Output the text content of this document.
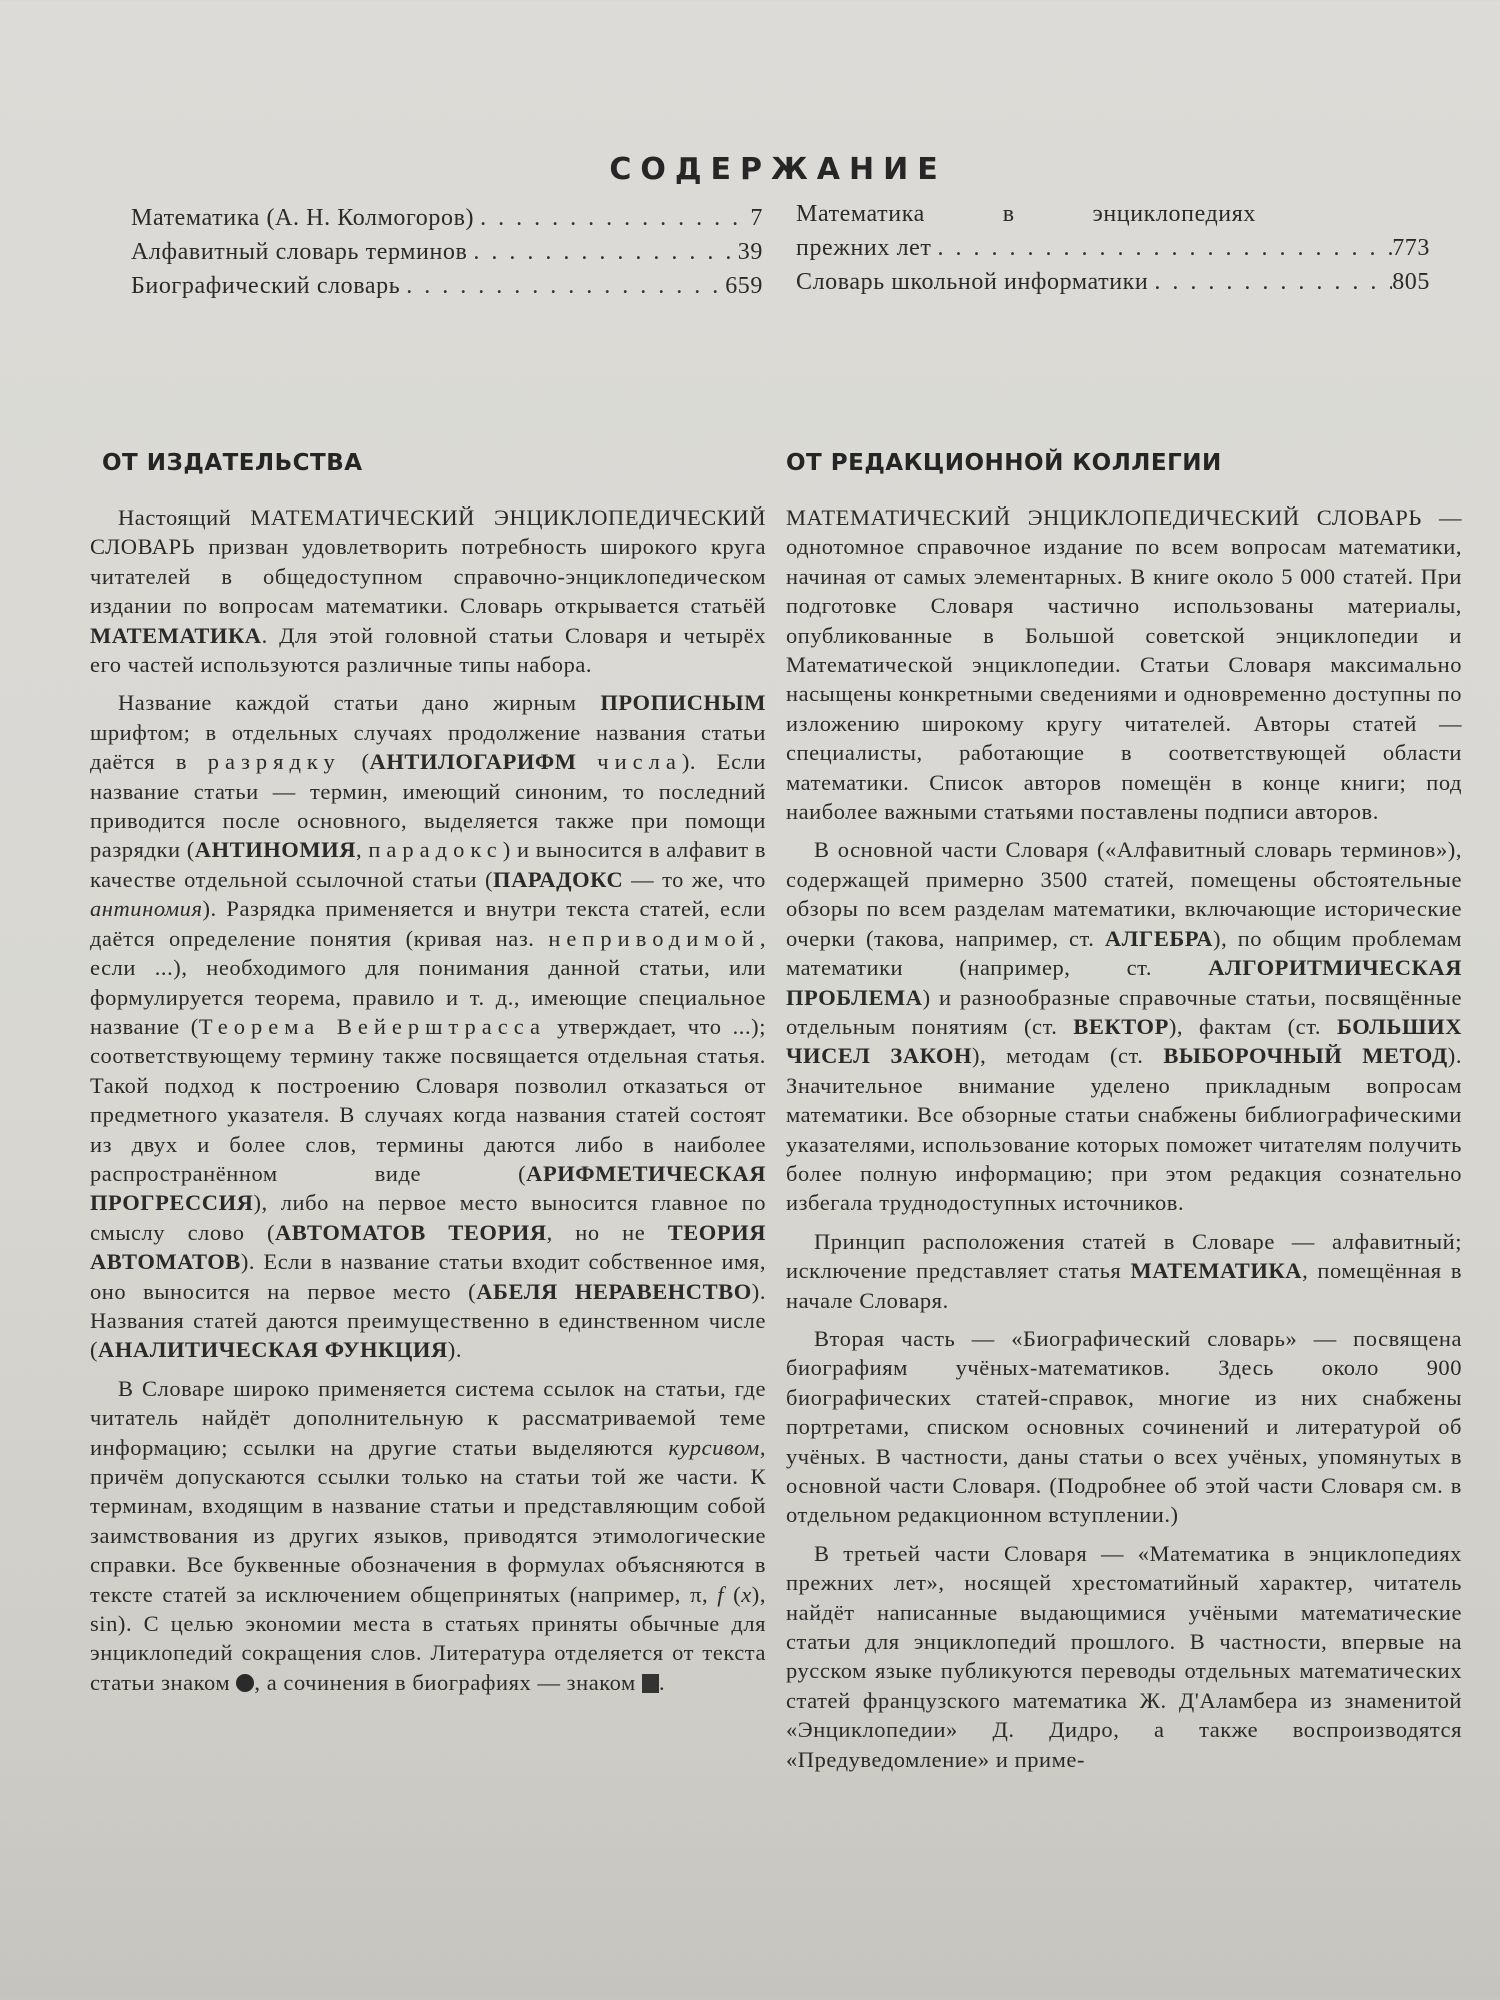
СОДЕРЖАНИЕ
Математика (А. Н. Колмогоров) . . .	7
Алфавитный словарь терминов . . .	39
Биографический словарь . . .	659
Математика	в	энциклопедиях
прежних лет . . .	773
Словарь школьной информатики . . .	805
ОТ ИЗДАТЕЛЬСТВА	ОТ РЕДАКЦИОННОЙ КОЛЛЕГИИ

Настоящий МАТЕМАТИЧЕСКИЙ ЭНЦИКЛОПЕДИЧЕСКИЙ СЛОВАРЬ призван удовлетворить потребность широкого круга читателей в общедоступном справочно-энциклопедическом издании по вопросам математики. Словарь открывается статьёй МАТЕМАТИКА. Для этой головной статьи Словаря и четырёх его частей используются различные типы набора.

Название каждой статьи дано жирным ПРОПИСНЫМ шрифтом; в отдельных случаях продолжение названия статьи даётся в разрядку (АНТИЛОГАРИФМ числа). Если название статьи — термин, имеющий синоним, то последний приводится после основного, выделяется также при помощи разрядки (АНТИНОМИЯ, парадокс) и выносится в алфавит в качестве отдельной ссылочной статьи (ПАРАДОКС — то же, что антиномия). Разрядка применяется и внутри текста статей, если даётся определение понятия (кривая наз. неприводимой, если ...), необходимого для понимания данной статьи, или формулируется теорема, правило и т. д., имеющие специальное название (Теорема Вейерштрасса утверждает, что ...); соответствующему термину также посвящается отдельная статья. Такой подход к построению Словаря позволил отказаться от предметного указателя. В случаях когда названия статей состоят из двух и более слов, термины даются либо в наиболее распространённом виде (АРИФМЕТИЧЕСКАЯ ПРОГРЕССИЯ), либо на первое место выносится главное по смыслу слово (АВТОМАТОВ ТЕОРИЯ, но не ТЕОРИЯ АВТОМАТОВ). Если в название статьи входит собственное имя, оно выносится на первое место (АБЕЛЯ НЕРАВЕНСТВО). Названия статей даются преимущественно в единственном числе (АНАЛИТИЧЕСКАЯ ФУНКЦИЯ).

В Словаре широко применяется система ссылок на статьи, где читатель найдёт дополнительную к рассматриваемой теме информацию; ссылки на другие статьи выделяются курсивом, причём допускаются ссылки только на статьи той же части. К терминам, входящим в название статьи и представляющим собой заимствования из других языков, приводятся этимологические справки. Все буквенные обозначения в формулах объясняются в тексте статей за исключением общепринятых (например, π, f (x), sin). С целью экономии места в статьях приняты обычные для энциклопедий сокращения слов. Литература отделяется от текста статьи знаком , а сочинения в биографиях — знаком .

МАТЕМАТИЧЕСКИЙ ЭНЦИКЛОПЕДИЧЕСКИЙ СЛОВАРЬ — однотомное справочное издание по всем вопросам математики, начиная от самых элементарных. В книге около 5 000 статей. При подготовке Словаря частично использованы материалы, опубликованные в Большой советской энциклопедии и Математической энциклопедии. Статьи Словаря максимально насыщены конкретными сведениями и одновременно доступны по изложению широкому кругу читателей. Авторы статей — специалисты, работающие в соответствующей области математики. Список авторов помещён в конце книги; под наиболее важными статьями поставлены подписи авторов.

В основной части Словаря («Алфавитный словарь терминов»), содержащей примерно 3500 статей, помещены обстоятельные обзоры по всем разделам математики, включающие исторические очерки (такова, например, ст. АЛГЕБРА), по общим проблемам математики (например, ст. АЛГОРИТМИЧЕСКАЯ ПРОБЛЕМА) и разнообразные справочные статьи, посвящённые отдельным понятиям (ст. ВЕКТОР), фактам (ст. БОЛЬШИХ ЧИСЕЛ ЗАКОН), методам (ст. ВЫБОРОЧНЫЙ МЕТОД). Значительное внимание уделено прикладным вопросам математики. Все обзорные статьи снабжены библиографическими указателями, использование которых поможет читателям получить более полную информацию; при этом редакция сознательно избегала труднодоступных источников.

Принцип расположения статей в Словаре — алфавитный; исключение представляет статья МАТЕМАТИКА, помещённая в начале Словаря.

Вторая часть — «Биографический словарь» — посвящена биографиям учёных-математиков. Здесь около 900 биографических статей-справок, многие из них снабжены портретами, списком основных сочинений и литературой об учёных. В частности, даны статьи о всех учёных, упомянутых в основной части Словаря. (Подробнее об этой части Словаря см. в отдельном редакционном вступлении.)

В третьей части Словаря — «Математика в энциклопедиях прежних лет», носящей хрестоматийный характер, читатель найдёт написанные выдающимися учёными математические статьи для энциклопедий прошлого. В частности, впервые на русском языке публикуются переводы отдельных математических статей французского математика Ж. Д'Аламбера из знаменитой «Энциклопедии» Д. Дидро, а также воспроизводятся «Предуведомление» и приме-
